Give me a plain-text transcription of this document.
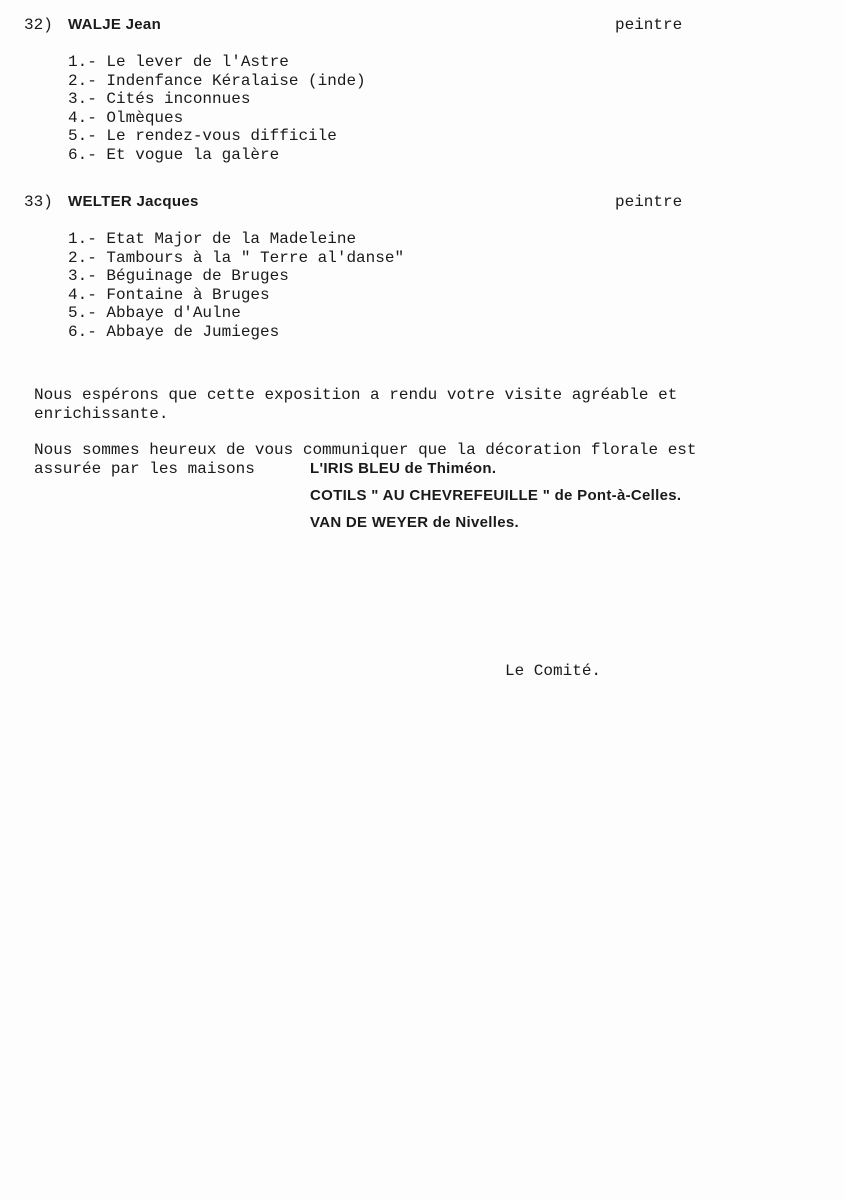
32) WALJE Jean	peintre
1.- Le lever de l'Astre
2.- Indenfance Kéralaise (inde)
3.- Cités inconnues
4.- Olmèques
5.- Le rendez-vous difficile
6.- Et vogue la galère
33) WELTER Jacques	peintre
1.- Etat Major de la Madeleine
2.- Tambours à la " Terre al'danse"
3.- Béguinage de Bruges
4.- Fontaine à Bruges
5.- Abbaye d'Aulne
6.- Abbaye de Jumieges
Nous espérons que cette exposition a rendu votre visite agréable et
enrichissante.
Nous sommes heureux de vous communiquer que la décoration florale est
assurée par les maisons	L'IRIS BLEU de Thiméon.
COTILS " AU CHEVREFEUILLE " de Pont-à-Celles.
VAN DE WEYER de Nivelles.
Le Comité.
